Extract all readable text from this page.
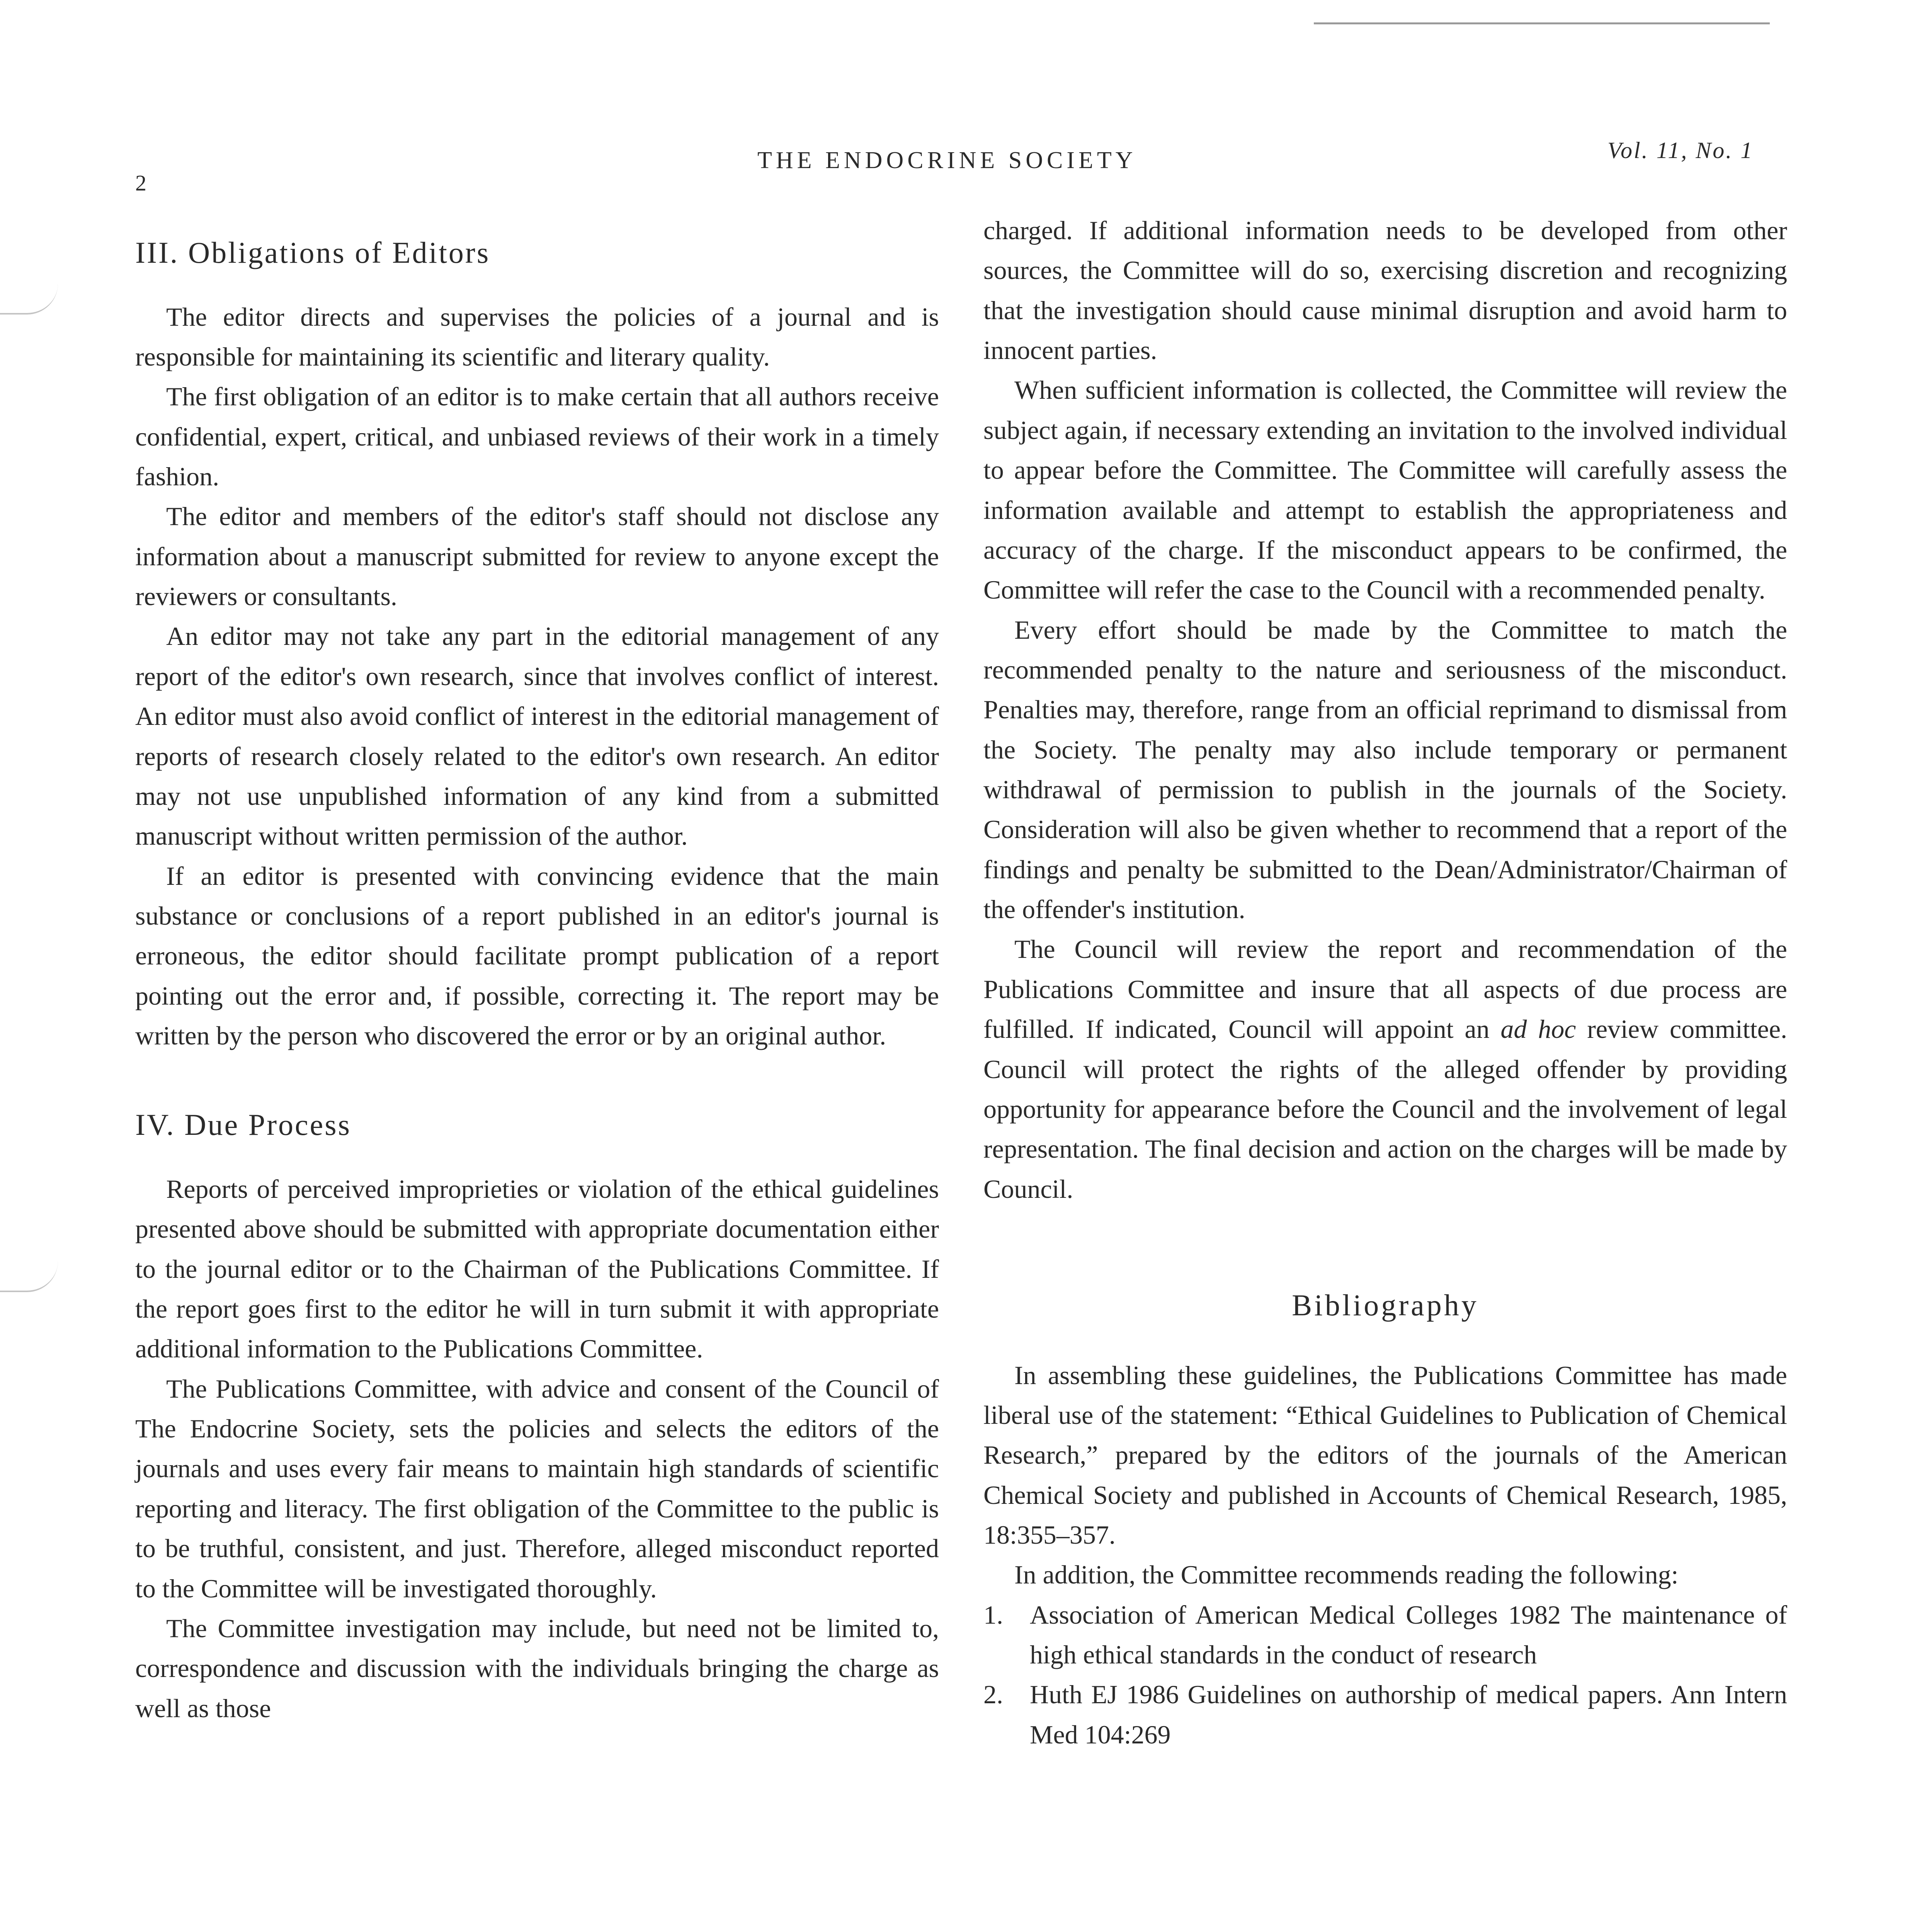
2
THE ENDOCRINE SOCIETY	Vol. 11, No. 1
III. Obligations of Editors

The editor directs and supervises the policies of a journal and is responsible for maintaining its scientific and literary quality.

The first obligation of an editor is to make certain that all authors receive confidential, expert, critical, and unbiased reviews of their work in a timely fashion.

The editor and members of the editor's staff should not disclose any information about a manuscript submitted for review to anyone except the reviewers or consultants.

An editor may not take any part in the editorial management of any report of the editor's own research, since that involves conflict of interest. An editor must also avoid conflict of interest in the editorial management of reports of research closely related to the editor's own research. An editor may not use unpublished information of any kind from a submitted manuscript without written permission of the author.

If an editor is presented with convincing evidence that the main substance or conclusions of a report published in an editor's journal is erroneous, the editor should facilitate prompt publication of a report pointing out the error and, if possible, correcting it. The report may be written by the person who discovered the error or by an original author.

IV. Due Process

Reports of perceived improprieties or violation of the ethical guidelines presented above should be submitted with appropriate documentation either to the journal editor or to the Chairman of the Publications Committee. If the report goes first to the editor he will in turn submit it with appropriate additional information to the Publications Committee.

The Publications Committee, with advice and consent of the Council of The Endocrine Society, sets the policies and selects the editors of the journals and uses every fair means to maintain high standards of scientific reporting and literacy. The first obligation of the Committee to the public is to be truthful, consistent, and just. Therefore, alleged misconduct reported to the Committee will be investigated thoroughly.

The Committee investigation may include, but need not be limited to, correspondence and discussion with the individuals bringing the charge as well as those

charged. If additional information needs to be developed from other sources, the Committee will do so, exercising discretion and recognizing that the investigation should cause minimal disruption and avoid harm to innocent parties.

When sufficient information is collected, the Committee will review the subject again, if necessary extending an invitation to the involved individual to appear before the Committee. The Committee will carefully assess the information available and attempt to establish the appropriateness and accuracy of the charge. If the misconduct appears to be confirmed, the Committee will refer the case to the Council with a recommended penalty.

Every effort should be made by the Committee to match the recommended penalty to the nature and seriousness of the misconduct. Penalties may, therefore, range from an official reprimand to dismissal from the Society. The penalty may also include temporary or permanent withdrawal of permission to publish in the journals of the Society. Consideration will also be given whether to recommend that a report of the findings and penalty be submitted to the Dean/Administrator/Chairman of the offender's institution.

The Council will review the report and recommendation of the Publications Committee and insure that all aspects of due process are fulfilled. If indicated, Council will appoint an ad hoc review committee. Council will protect the rights of the alleged offender by providing opportunity for appearance before the Council and the involvement of legal representation. The final decision and action on the charges will be made by Council.

Bibliography

In assembling these guidelines, the Publications Committee has made liberal use of the statement: “Ethical Guidelines to Publication of Chemical Research,” prepared by the editors of the journals of the American Chemical Society and published in Accounts of Chemical Research, 1985, 18:355–357.

In addition, the Committee recommends reading the following:

1. Association of American Medical Colleges 1982 The maintenance of high ethical standards in the conduct of research
2. Huth EJ 1986 Guidelines on authorship of medical papers. Ann Intern Med 104:269
